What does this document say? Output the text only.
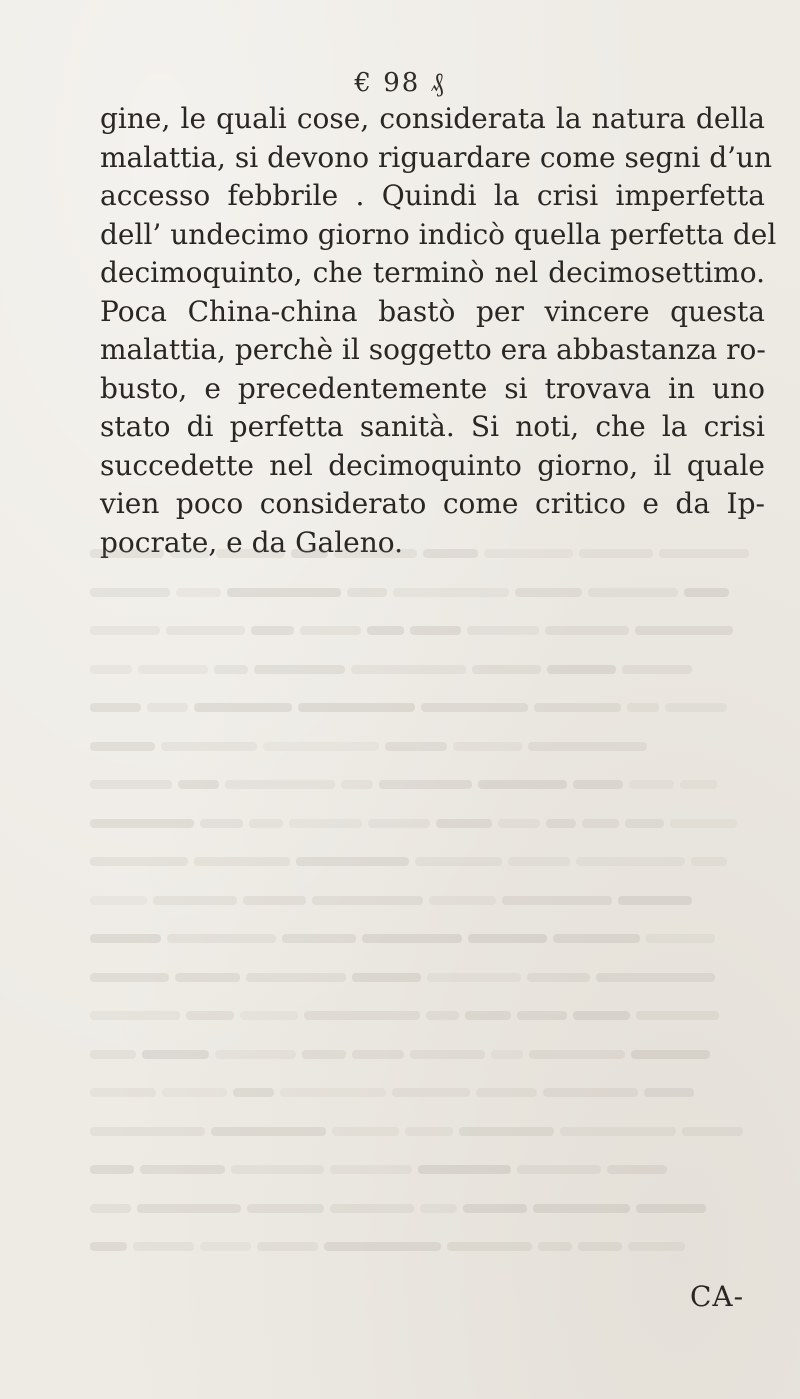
€ 98 ₰
gine, le quali cose, considerata la natura della
malattia, si devono riguardare come segni d’un
accesso febbrile . Quindi la crisi imperfetta
dell’ undecimo giorno indicò quella perfetta del
decimoquinto, che terminò nel decimosettimo.
Poca China-china bastò per vincere questa
malattia, perchè il soggetto era abbastanza ro-
busto, e precedentemente si trovava in uno
stato di perfetta sanità. Si noti, che la crisi
succedette nel decimoquinto giorno, il quale
vien poco considerato come critico e da Ip-
pocrate, e da Galeno.
CA-
